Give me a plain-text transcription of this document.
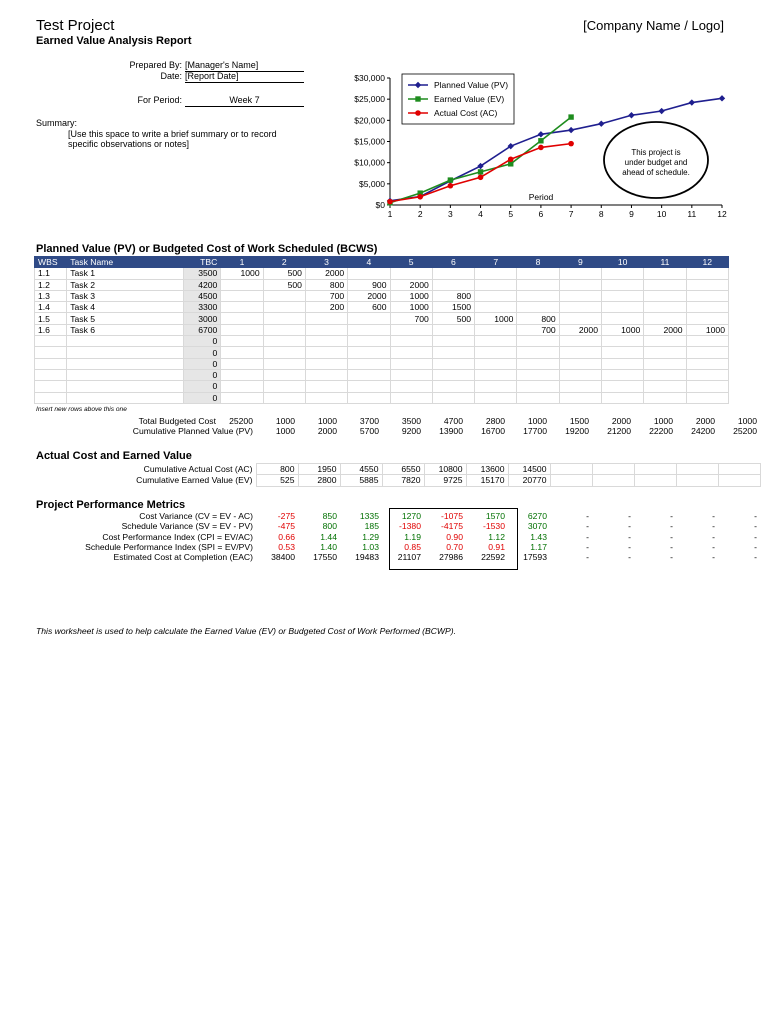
Test Project	[Company Name / Logo]
Earned Value Analysis Report
Prepared By: [Manager's Name]
Date: [Report Date]
For Period:	Week 7
Summary:
[Use this space to write a brief summary or to record
specific observations or notes]
$0
$5,000
$10,000
$15,000
$20,000
$25,000
$30,000
1	2	3	4	5	6	7	8	9	10 11 12
Period
Planned Value (PV)
Earned Value (EV)
Actual Cost (AC)
This project is
under budget and
ahead of schedule.
Planned Value (PV) or Budgeted Cost of Work Scheduled (BCWS)
WBS	Task Name	TBC	1	2	3	4	5	6	7	8	9	10	11	12
1.1	Task 1	3500	1000	500	2000									
1.2	Task 2	4200		500	800	900	2000							
1.3	Task 3	4500			700	2000	1000	800						
1.4	Task 4	3300			200	600	1000	1500						
1.5	Task 5	3000					700	500	1000	800				
1.6	Task 6	6700								700	2000	1000	2000	1000
		0												
		0												
		0												
		0												
		0												
		0												
Insert new rows above this one
Total Budgeted Cost	25200	1000	1000	3700	3500	4700	2800	1000	1500	2000	1000	2000	1000
Cumulative Planned Value (PV)		1000	2000	5700	9200	13900	16700	17700	19200	21200	22200	24200	25200
Actual Cost and Earned Value
Cumulative Actual Cost (AC)	800	1950	4550	6550	10800	13600	14500					
Cumulative Earned Value (EV)	525	2800	5885	7820	9725	15170	20770					
Project Performance Metrics
Cost Variance (CV = EV - AC)	-275	850	1335	1270	-1075	1570	6270	-	-	-	-	-
Schedule Variance (SV = EV - PV)	-475	800	185	-1380	-4175	-1530	3070	-	-	-	-	-
Cost Performance Index (CPI = EV/AC)	0.66	1.44	1.29	1.19	0.90	1.12	1.43	-	-	-	-	-
Schedule Performance Index (SPI = EV/PV)	0.53	1.40	1.03	0.85	0.70	0.91	1.17	-	-	-	-	-
Estimated Cost at Completion (EAC)	38400	17550	19483	21107	27986	22592	17593	-	-	-	-	-
This worksheet is used to help calculate the Earned Value (EV) or Budgeted Cost of Work Performed (BCWP).
